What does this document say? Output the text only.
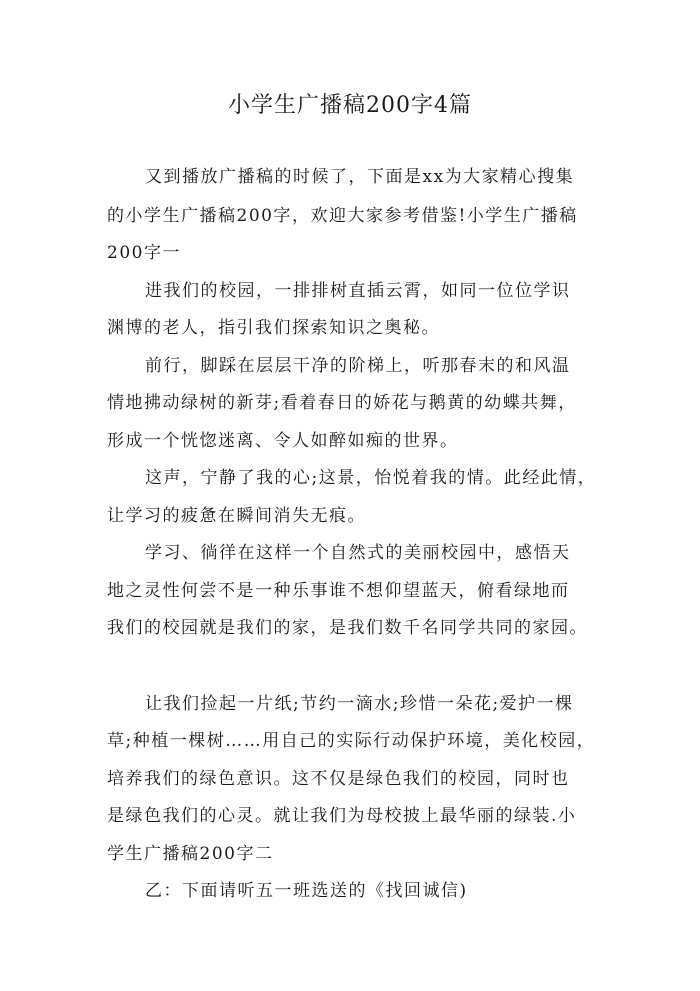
小学生广播稿200字4篇
又到播放广播稿的时候了，下面是xx为大家精心搜集
的小学生广播稿200字，欢迎大家参考借鉴!小学生广播稿
200字一
进我们的校园，一排排树直插云霄，如同一位位学识
渊博的老人，指引我们探索知识之奥秘。
前行，脚踩在层层干净的阶梯上，听那春末的和风温
情地拂动绿树的新芽;看着春日的娇花与鹅黄的幼蝶共舞，
形成一个恍惚迷离、令人如醉如痴的世界。
这声，宁静了我的心;这景，怡悦着我的情。此经此情，
让学习的疲惫在瞬间消失无痕。
学习、徜徉在这样一个自然式的美丽校园中，感悟天
地之灵性何尝不是一种乐事谁不想仰望蓝天，俯看绿地而
我们的校园就是我们的家，是我们数千名同学共同的家园。
让我们捡起一片纸;节约一滴水;珍惜一朵花;爱护一棵
草;种植一棵树……用自己的实际行动保护环境，美化校园，
培养我们的绿色意识。这不仅是绿色我们的校园，同时也
是绿色我们的心灵。就让我们为母校披上最华丽的绿装.小
学生广播稿200字二
乙：下面请听五一班选送的《找回诚信)
